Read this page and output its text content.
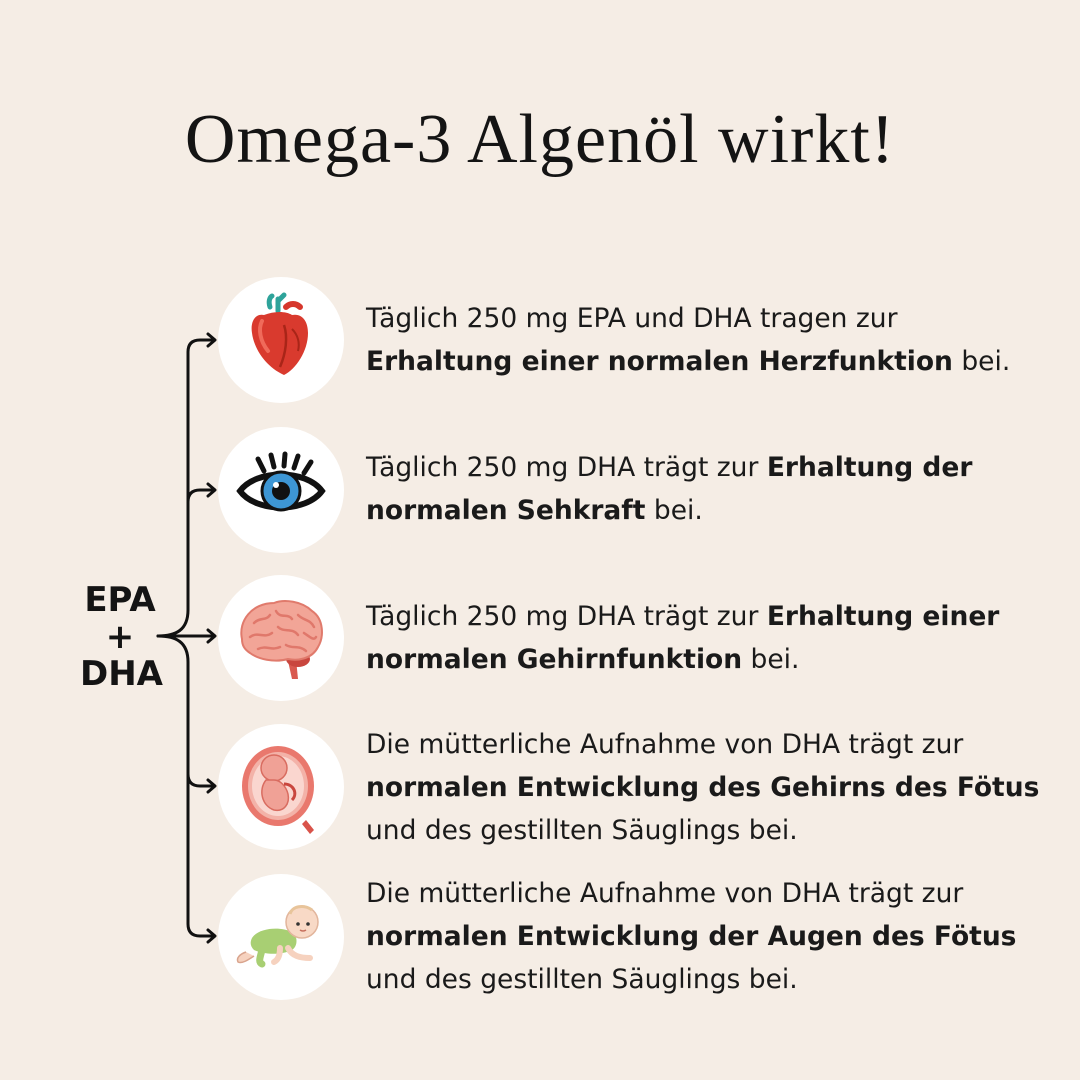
Omega-3 Algenöl wirkt!
EPA
+
DHA

Täglich 250 mg EPA und DHA tragen zur Erhaltung einer normalen Herzfunktion bei.

Täglich 250 mg DHA trägt zur Erhaltung der normalen Sehkraft bei.

Täglich 250 mg DHA trägt zur Erhaltung einer normalen Gehirnfunktion bei.

Die mütterliche Aufnahme von DHA trägt zur normalen Entwicklung des Gehirns des Fötus und des gestillten Säuglings bei.

Die mütterliche Aufnahme von DHA trägt zur normalen Entwicklung der Augen des Fötus und des gestillten Säuglings bei.
